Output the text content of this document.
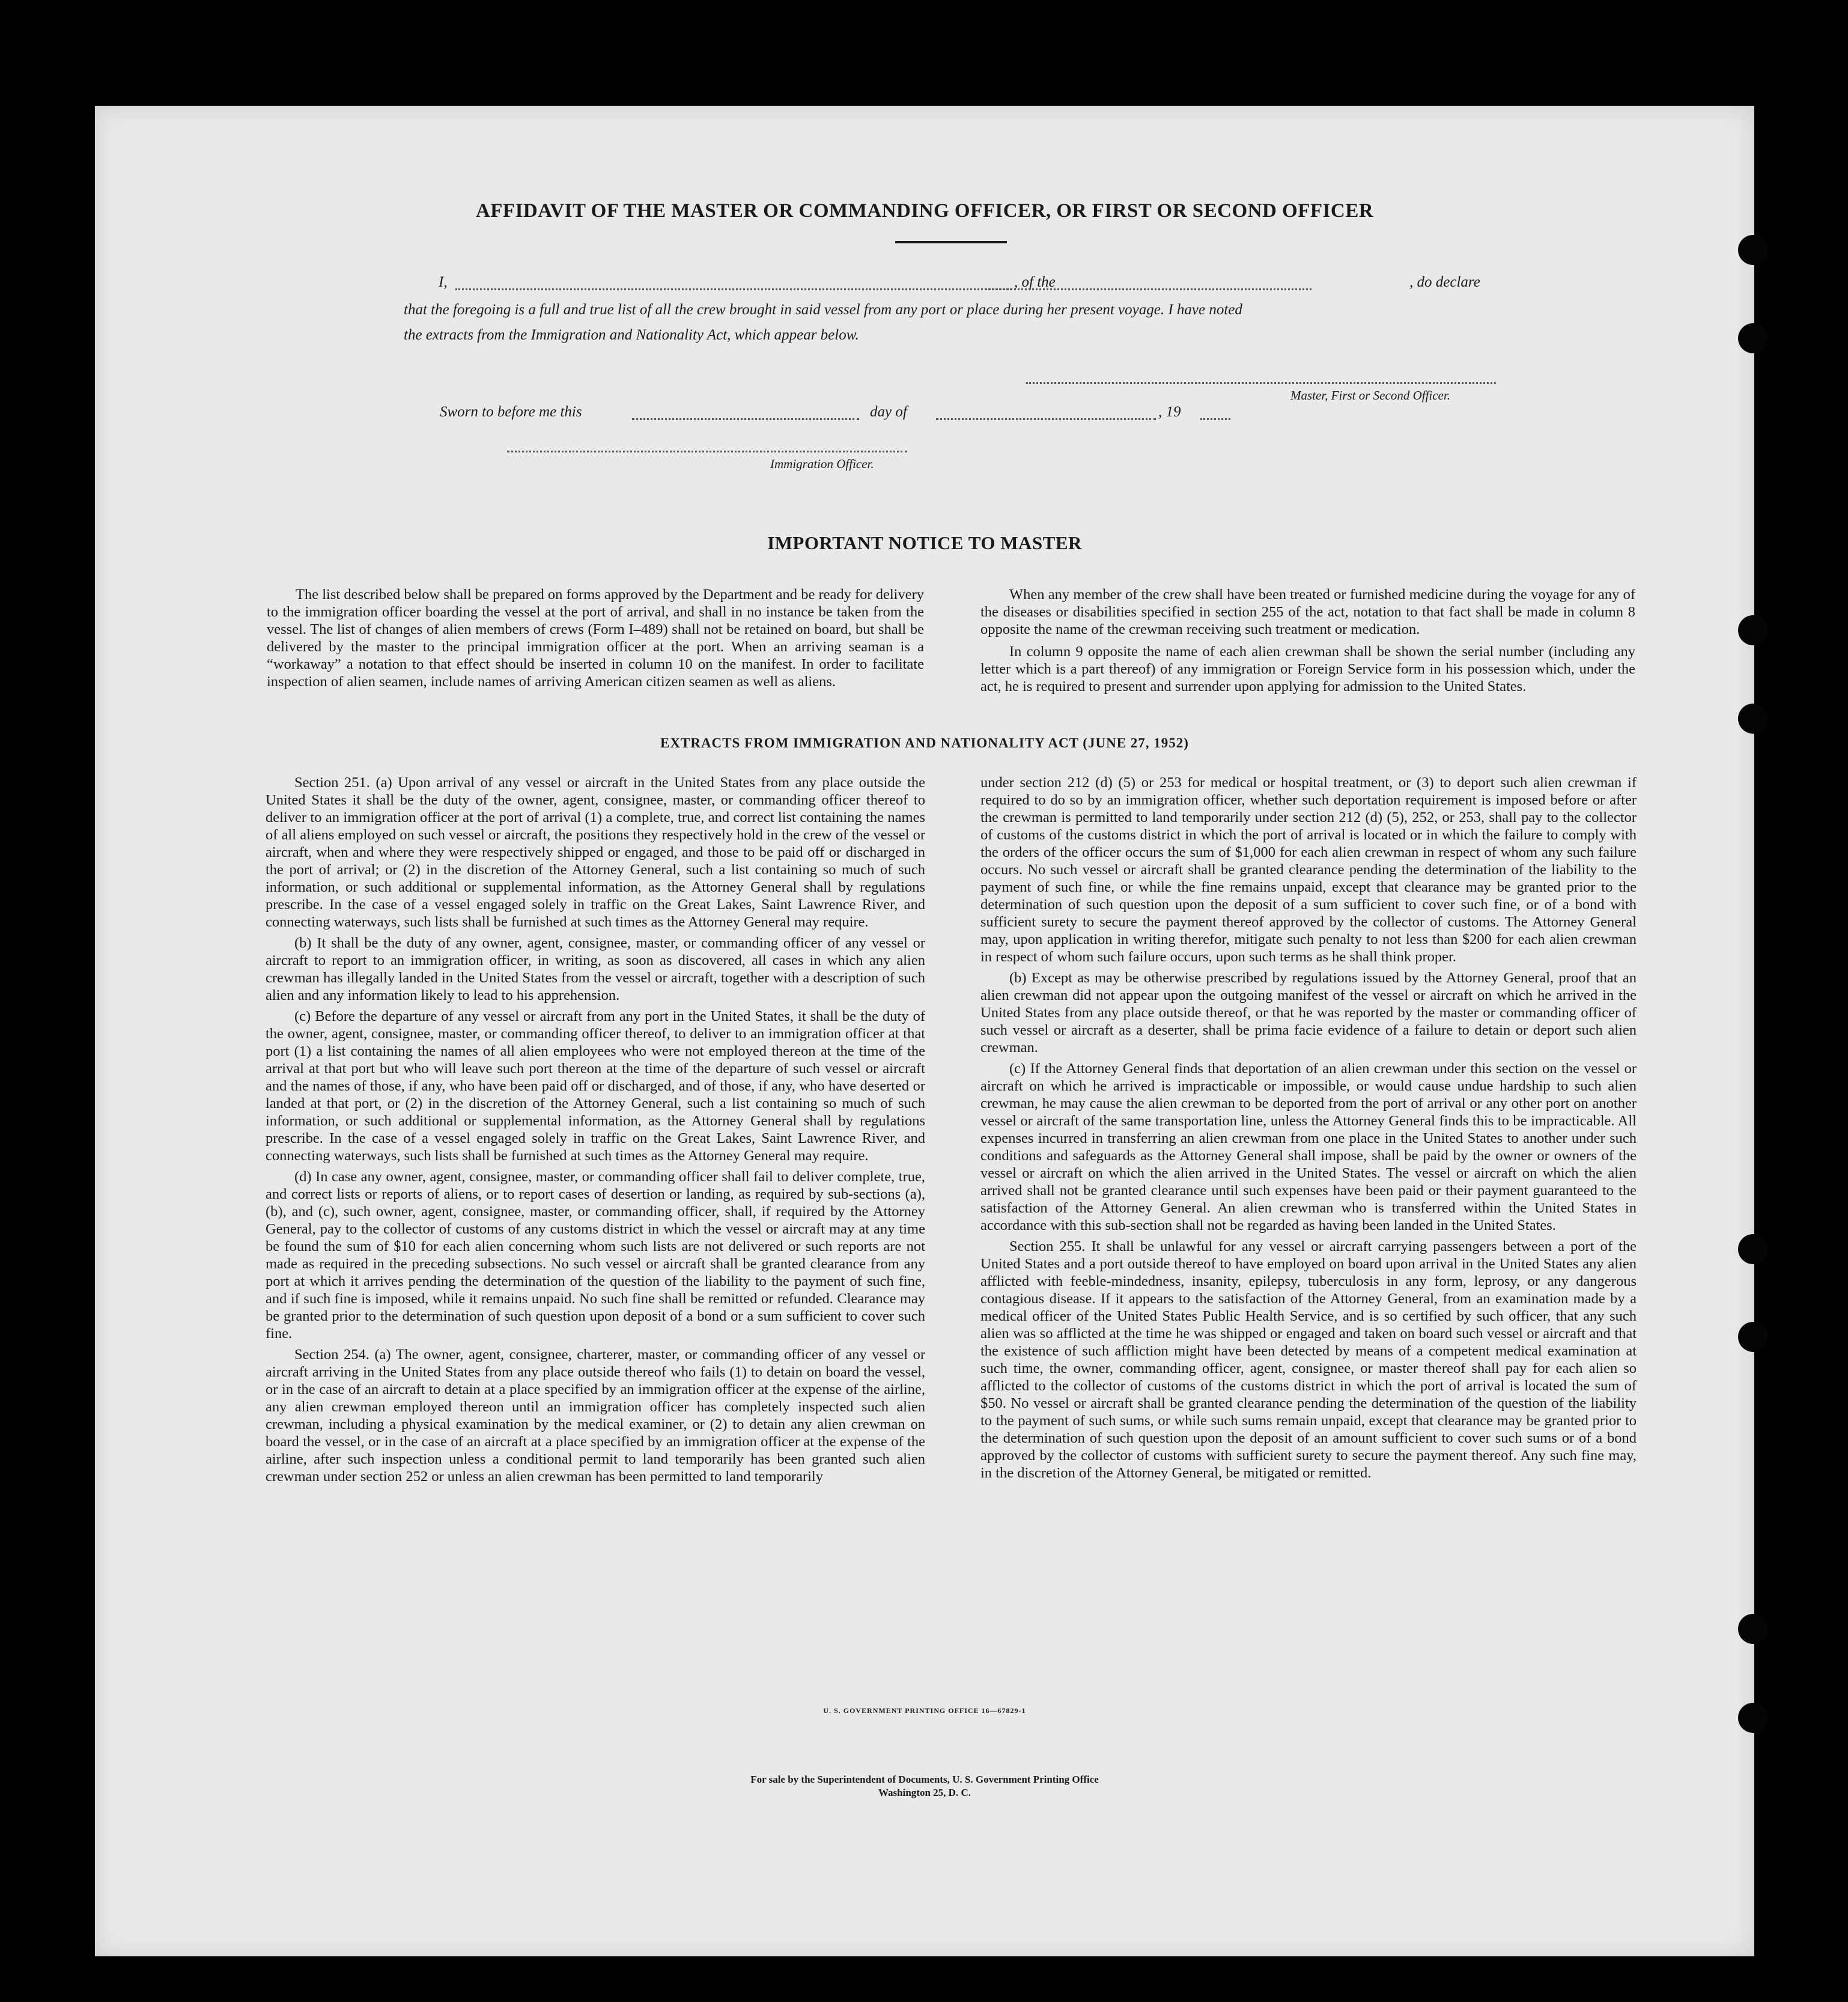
AFFIDAVIT OF THE MASTER OR COMMANDING OFFICER, OR FIRST OR SECOND OFFICER
I,	, of the	, do declare
that the foregoing is a full and true list of all the crew brought in said vessel from any port or place during her present voyage. I have noted
the extracts from the Immigration and Nationality Act, which appear below.
Master, First or Second Officer.
Sworn to before me this	day of	, 19
Immigration Officer.
IMPORTANT NOTICE TO MASTER

The list described below shall be prepared on forms approved by the Department and be ready for delivery to the immigration officer boarding the vessel at the port of arrival, and shall in no instance be taken from the vessel. The list of changes of alien members of crews (Form I–489) shall not be retained on board, but shall be delivered by the master to the principal immigration officer at the port. When an arriving seaman is a “workaway” a notation to that effect should be inserted in column 10 on the manifest. In order to facilitate inspection of alien seamen, include names of arriving American citizen seamen as well as aliens.

When any member of the crew shall have been treated or furnished medicine during the voyage for any of the diseases or disabilities specified in section 255 of the act, notation to that fact shall be made in column 8 opposite the name of the crewman receiving such treatment or medication.

In column 9 opposite the name of each alien crewman shall be shown the serial number (including any letter which is a part thereof) of any immigration or Foreign Service form in his possession which, under the act, he is required to present and surrender upon applying for admission to the United States.

EXTRACTS FROM IMMIGRATION AND NATIONALITY ACT (JUNE 27, 1952)

Section 251. (a) Upon arrival of any vessel or aircraft in the United States from any place outside the United States it shall be the duty of the owner, agent, consignee, master, or commanding officer thereof to deliver to an immigration officer at the port of arrival (1) a complete, true, and correct list containing the names of all aliens employed on such vessel or aircraft, the positions they respectively hold in the crew of the vessel or aircraft, when and where they were respectively shipped or engaged, and those to be paid off or discharged in the port of arrival; or (2) in the discretion of the Attorney General, such a list containing so much of such information, or such additional or supplemental information, as the Attorney General shall by regulations prescribe. In the case of a vessel engaged solely in traffic on the Great Lakes, Saint Lawrence River, and connecting waterways, such lists shall be furnished at such times as the Attorney General may require.

(b) It shall be the duty of any owner, agent, consignee, master, or commanding officer of any vessel or aircraft to report to an immigration officer, in writing, as soon as discovered, all cases in which any alien crewman has illegally landed in the United States from the vessel or aircraft, together with a description of such alien and any information likely to lead to his apprehension.

(c) Before the departure of any vessel or aircraft from any port in the United States, it shall be the duty of the owner, agent, consignee, master, or commanding officer thereof, to deliver to an immigration officer at that port (1) a list containing the names of all alien employees who were not employed thereon at the time of the arrival at that port but who will leave such port thereon at the time of the departure of such vessel or aircraft and the names of those, if any, who have been paid off or discharged, and of those, if any, who have deserted or landed at that port, or (2) in the discretion of the Attorney General, such a list containing so much of such information, or such additional or supplemental information, as the Attorney General shall by regulations prescribe. In the case of a vessel engaged solely in traffic on the Great Lakes, Saint Lawrence River, and connecting waterways, such lists shall be furnished at such times as the Attorney General may require.

(d) In case any owner, agent, consignee, master, or commanding officer shall fail to deliver complete, true, and correct lists or reports of aliens, or to report cases of desertion or landing, as required by sub-sections (a), (b), and (c), such owner, agent, consignee, master, or commanding officer, shall, if required by the Attorney General, pay to the collector of customs of any customs district in which the vessel or aircraft may at any time be found the sum of $10 for each alien concerning whom such lists are not delivered or such reports are not made as required in the preceding subsections. No such vessel or aircraft shall be granted clearance from any port at which it arrives pending the determination of the question of the liability to the payment of such fine, and if such fine is imposed, while it remains unpaid. No such fine shall be remitted or refunded. Clearance may be granted prior to the determination of such question upon deposit of a bond or a sum sufficient to cover such fine.

Section 254. (a) The owner, agent, consignee, charterer, master, or commanding officer of any vessel or aircraft arriving in the United States from any place outside thereof who fails (1) to detain on board the vessel, or in the case of an aircraft to detain at a place specified by an immigration officer at the expense of the airline, any alien crewman employed thereon until an immigration officer has completely inspected such alien crewman, including a physical examination by the medical examiner, or (2) to detain any alien crewman on board the vessel, or in the case of an aircraft at a place specified by an immigration officer at the expense of the airline, after such inspection unless a conditional permit to land temporarily has been granted such alien crewman under section 252 or unless an alien crewman has been permitted to land temporarily

under section 212 (d) (5) or 253 for medical or hospital treatment, or (3) to deport such alien crewman if required to do so by an immigration officer, whether such deportation requirement is imposed before or after the crewman is permitted to land temporarily under section 212 (d) (5), 252, or 253, shall pay to the collector of customs of the customs district in which the port of arrival is located or in which the failure to comply with the orders of the officer occurs the sum of $1,000 for each alien crewman in respect of whom any such failure occurs. No such vessel or aircraft shall be granted clearance pending the determination of the liability to the payment of such fine, or while the fine remains unpaid, except that clearance may be granted prior to the determination of such question upon the deposit of a sum sufficient to cover such fine, or of a bond with sufficient surety to secure the payment thereof approved by the collector of customs. The Attorney General may, upon application in writing therefor, mitigate such penalty to not less than $200 for each alien crewman in respect of whom such failure occurs, upon such terms as he shall think proper.

(b) Except as may be otherwise prescribed by regulations issued by the Attorney General, proof that an alien crewman did not appear upon the outgoing manifest of the vessel or aircraft on which he arrived in the United States from any place outside thereof, or that he was reported by the master or commanding officer of such vessel or aircraft as a deserter, shall be prima facie evidence of a failure to detain or deport such alien crewman.

(c) If the Attorney General finds that deportation of an alien crewman under this section on the vessel or aircraft on which he arrived is impracticable or impossible, or would cause undue hardship to such alien crewman, he may cause the alien crewman to be deported from the port of arrival or any other port on another vessel or aircraft of the same transportation line, unless the Attorney General finds this to be impracticable. All expenses incurred in transferring an alien crewman from one place in the United States to another under such conditions and safeguards as the Attorney General shall impose, shall be paid by the owner or owners of the vessel or aircraft on which the alien arrived in the United States. The vessel or aircraft on which the alien arrived shall not be granted clearance until such expenses have been paid or their payment guaranteed to the satisfaction of the Attorney General. An alien crewman who is transferred within the United States in accordance with this sub-section shall not be regarded as having been landed in the United States.

Section 255. It shall be unlawful for any vessel or aircraft carrying passengers between a port of the United States and a port outside thereof to have employed on board upon arrival in the United States any alien afflicted with feeble-mindedness, insanity, epilepsy, tuberculosis in any form, leprosy, or any dangerous contagious disease. If it appears to the satisfaction of the Attorney General, from an examination made by a medical officer of the United States Public Health Service, and is so certified by such officer, that any such alien was so afflicted at the time he was shipped or engaged and taken on board such vessel or aircraft and that the existence of such affliction might have been detected by means of a competent medical examination at such time, the owner, commanding officer, agent, consignee, or master thereof shall pay for each alien so afflicted to the collector of customs of the customs district in which the port of arrival is located the sum of $50. No vessel or aircraft shall be granted clearance pending the determination of the question of the liability to the payment of such sums, or while such sums remain unpaid, except that clearance may be granted prior to the determination of such question upon the deposit of an amount sufficient to cover such sums or of a bond approved by the collector of customs with sufficient surety to secure the payment thereof. Any such fine may, in the discretion of the Attorney General, be mitigated or remitted.

U. S. GOVERNMENT PRINTING OFFICE 16—67829-1
For sale by the Superintendent of Documents, U. S. Government Printing Office
Washington 25, D. C.
